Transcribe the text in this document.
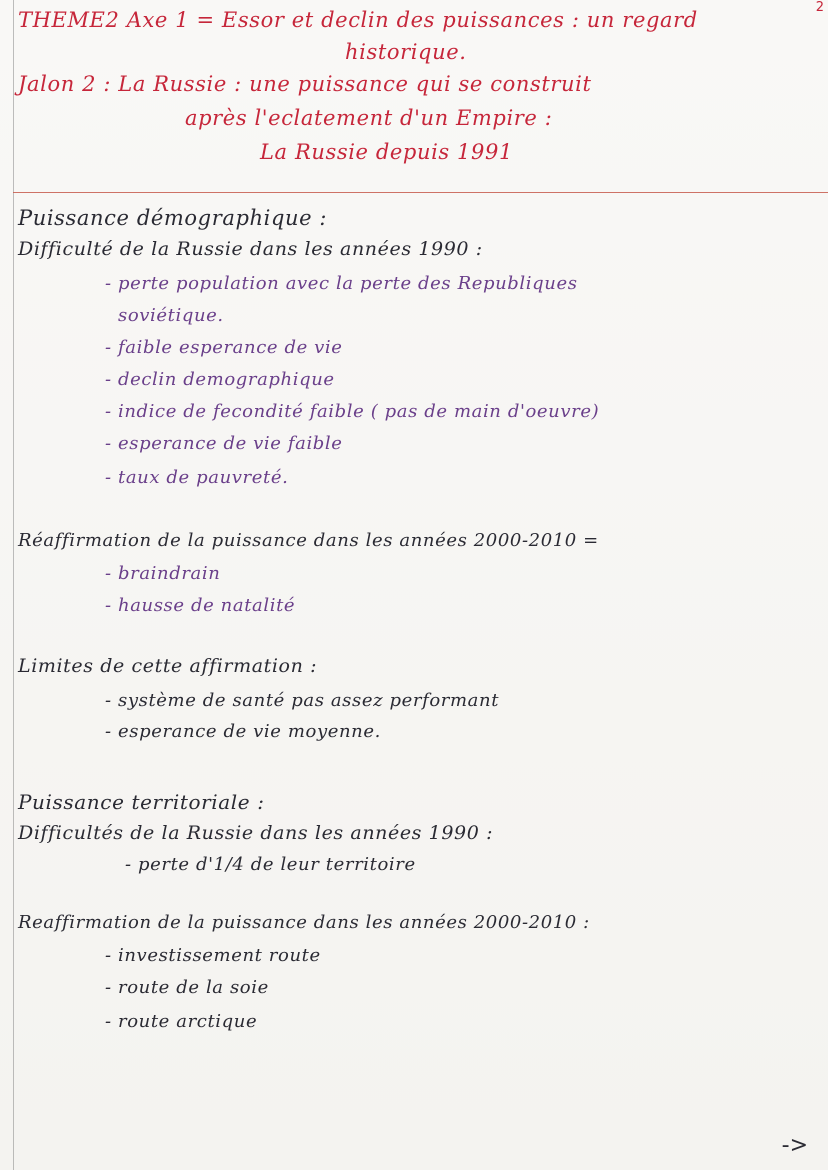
2
THEME2 Axe 1 = Essor et declin des puissances : un regard
historique.
Jalon 2 : La Russie : une puissance qui se construit
après l'eclatement d'un Empire :
La Russie depuis 1991
Puissance démographique :
Difficulté de la Russie dans les années 1990 :
- perte population avec la perte des Republiques
soviétique.
- faible esperance de vie
- declin demographique
- indice de fecondité faible ( pas de main d'oeuvre)
- esperance de vie faible
- taux de pauvreté.
Réaffirmation de la puissance dans les années 2000-2010 =
- braindrain
- hausse de natalité
Limites de cette affirmation :
- système de santé pas assez performant
- esperance de vie moyenne.
Puissance territoriale :
Difficultés de la Russie dans les années 1990 :
- perte d'1/4 de leur territoire
Reaffirmation de la puissance dans les années 2000-2010 :
- investissement route
- route de la soie
- route arctique
->
